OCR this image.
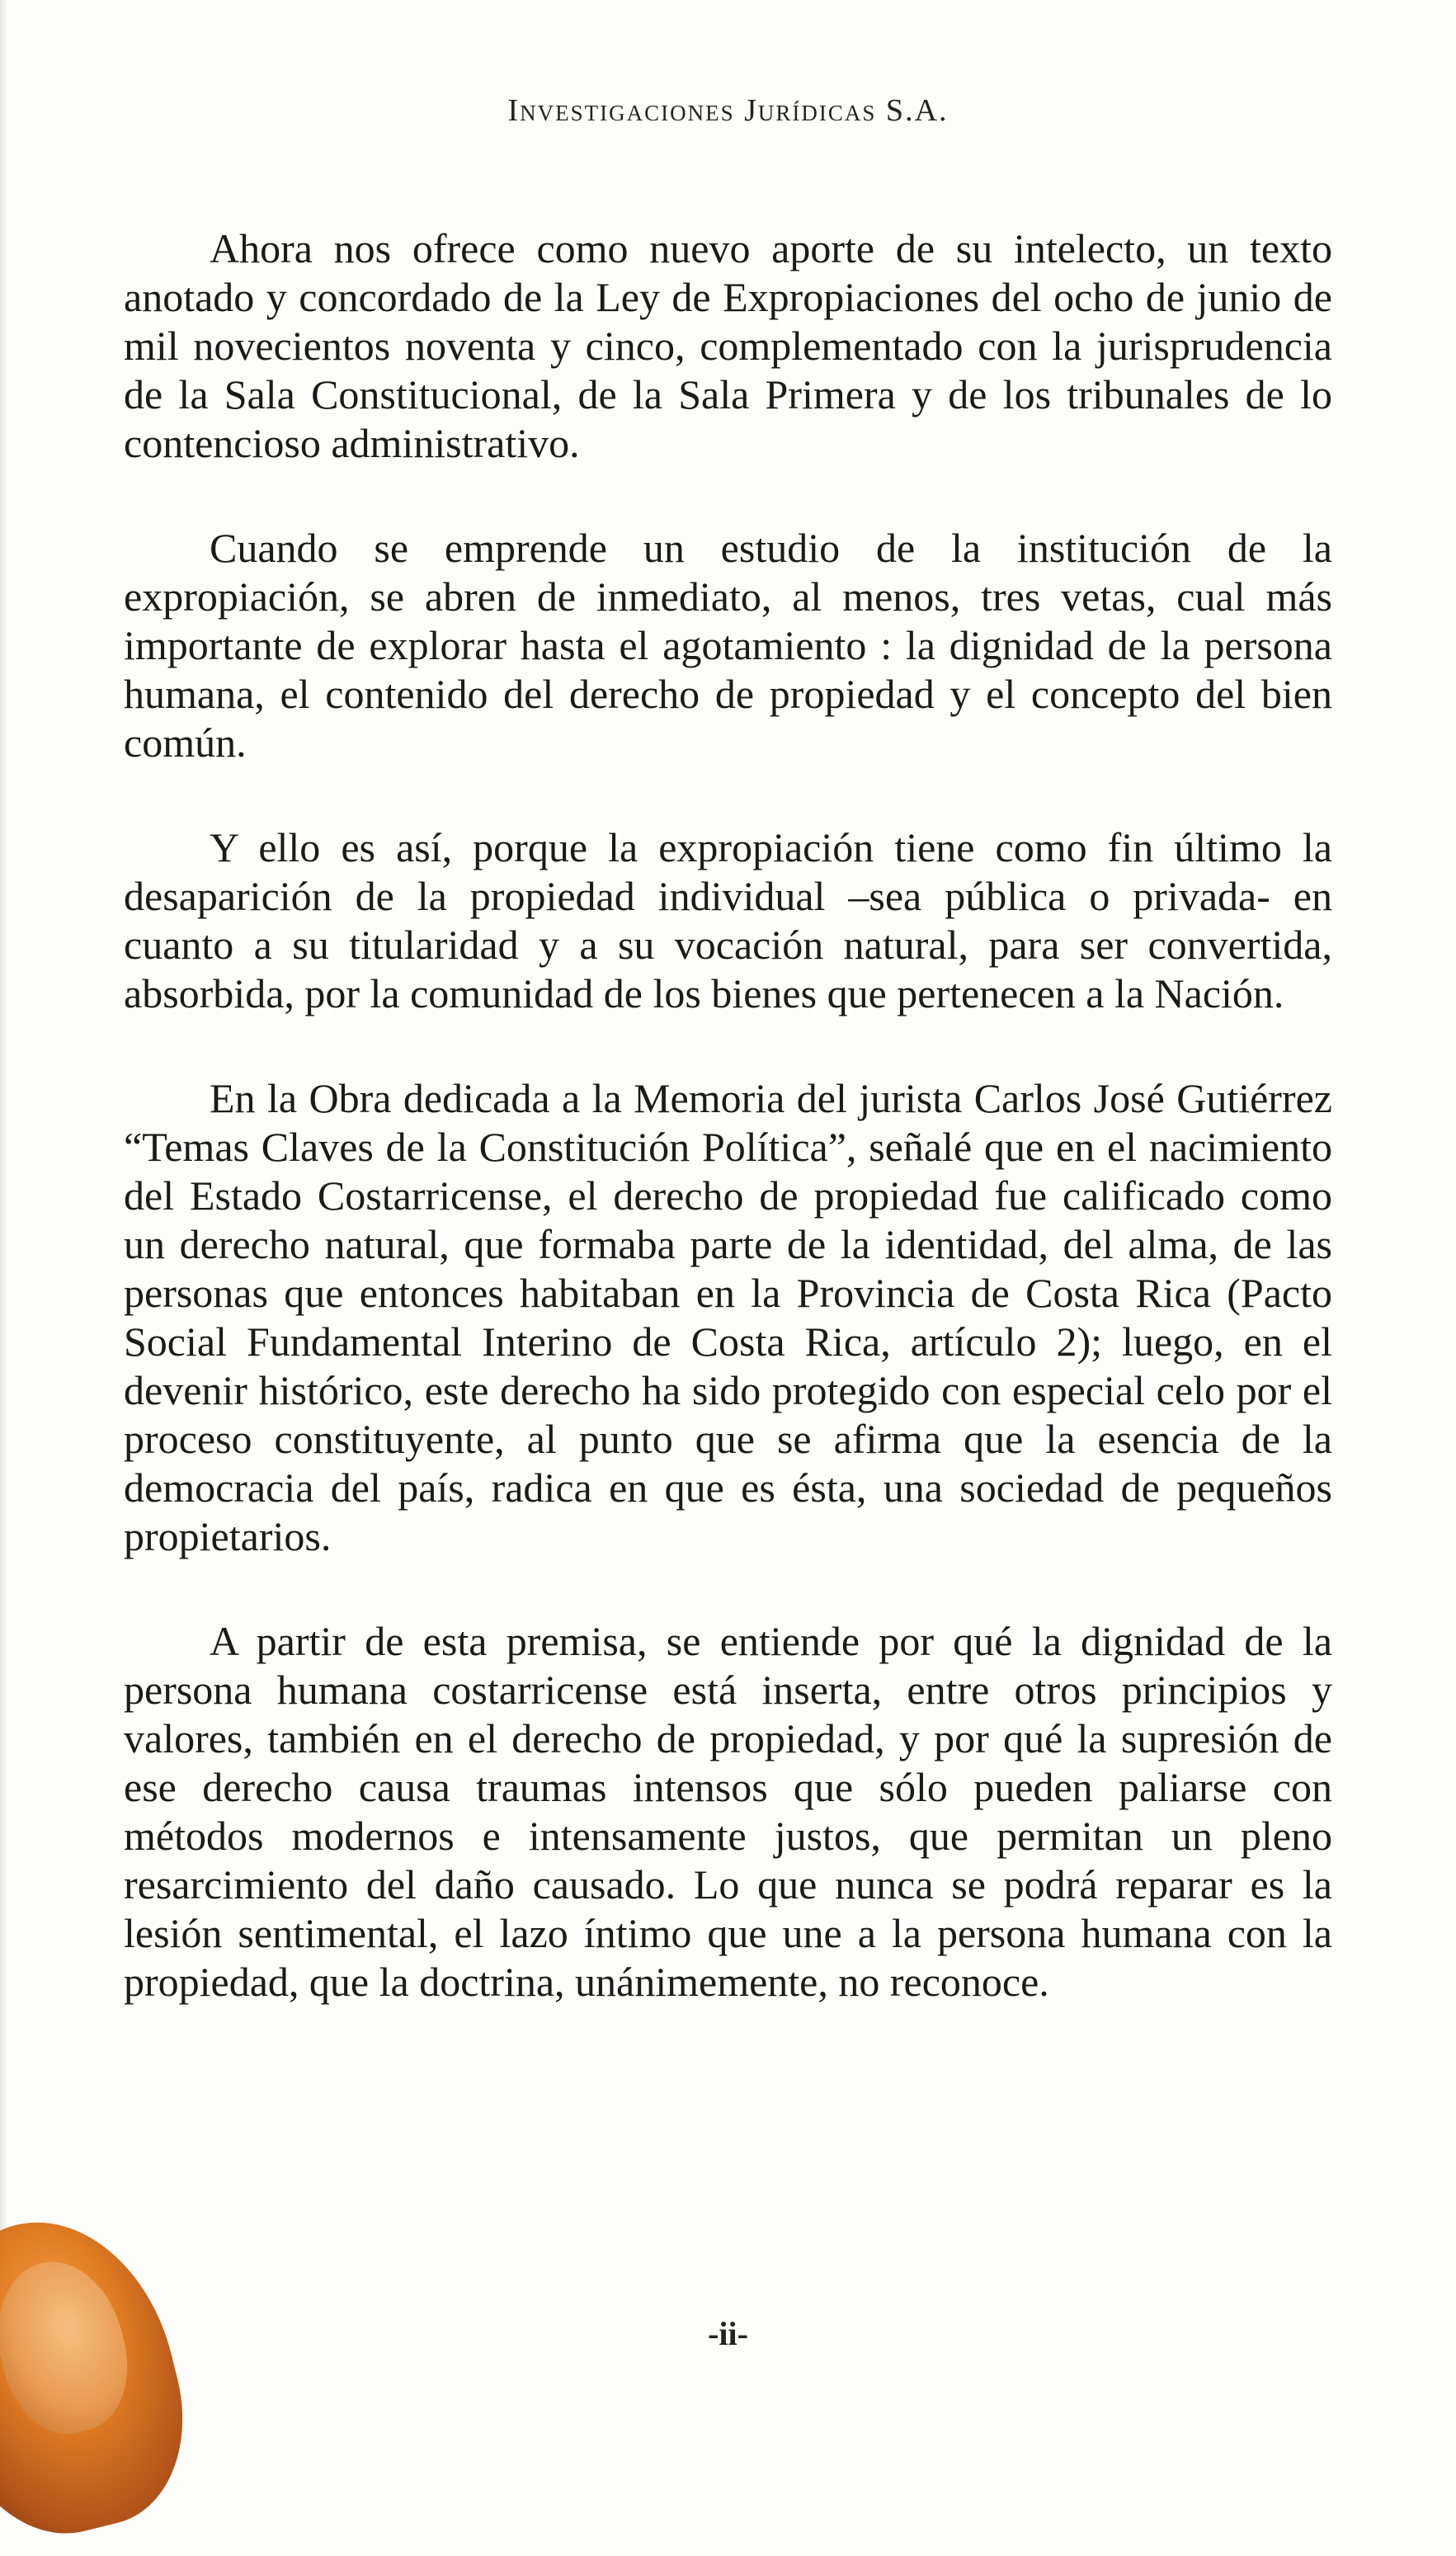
Investigaciones Jurídicas S.A.

Ahora nos ofrece como nuevo aporte de su intelecto, un texto anotado y concordado de la Ley de Expropiaciones del ocho de junio de mil novecientos noventa y cinco, complementado con la jurisprudencia de la Sala Constitucional, de la Sala Primera y de los tribunales de lo contencioso administrativo.

Cuando se emprende un estudio de la institución de la expropiación, se abren de inmediato, al menos, tres vetas, cual más importante de explorar hasta el agotamiento : la dignidad de la persona humana, el contenido del derecho de propiedad y el concepto del bien común.

Y ello es así, porque la expropiación tiene como fin último la desaparición de la propiedad individual –sea pública o privada- en cuanto a su titularidad y a su vocación natural, para ser convertida, absorbida, por la comunidad de los bienes que pertenecen a la Nación.

En la Obra dedicada a la Memoria del jurista Carlos José Gutiérrez “Temas Claves de la Constitución Política”, señalé que en el nacimiento del Estado Costarricense, el derecho de propiedad fue calificado como un derecho natural, que formaba parte de la identidad, del alma, de las personas que entonces habitaban en la Provincia de Costa Rica (Pacto Social Fundamental Interino de Costa Rica, artículo 2); luego, en el devenir histórico, este derecho ha sido protegido con especial celo por el proceso constituyente, al punto que se afirma que la esencia de la democracia del país, radica en que es ésta, una sociedad de pequeños propietarios.

A partir de esta premisa, se entiende por qué la dignidad de la persona humana costarricense está inserta, entre otros principios y valores, también en el derecho de propiedad, y por qué la supresión de ese derecho causa traumas intensos que sólo pueden paliarse con métodos modernos e intensamente justos, que permitan un pleno resarcimiento del daño causado. Lo que nunca se podrá reparar es la lesión sentimental, el lazo íntimo que une a la persona humana con la propiedad, que la doctrina, unánimemente, no reconoce.

-ii-
